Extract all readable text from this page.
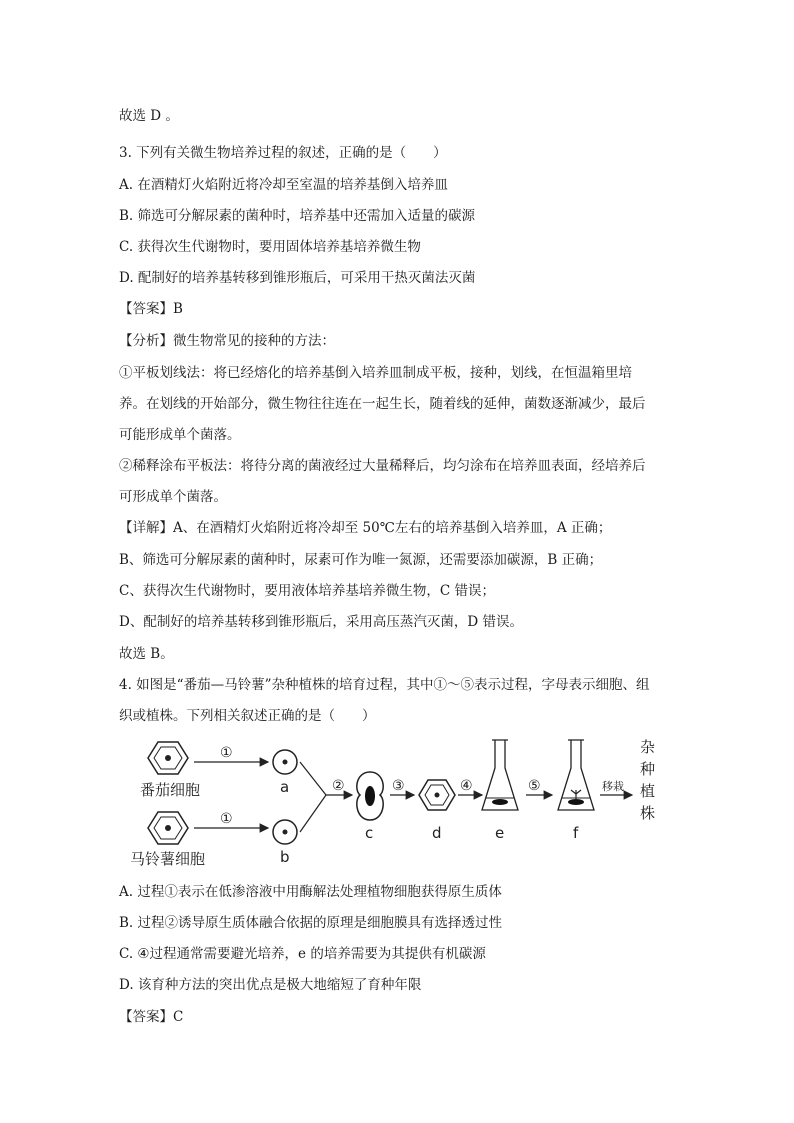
故选 D 。
3. 下列有关微生物培养过程的叙述，正确的是（　　）
A. 在酒精灯火焰附近将冷却至室温的培养基倒入培养皿
B. 筛选可分解尿素的菌种时，培养基中还需加入适量的碳源
C. 获得次生代谢物时，要用固体培养基培养微生物
D. 配制好的培养基转移到锥形瓶后，可采用干热灭菌法灭菌
【答案】B
【分析】微生物常见的接种的方法：
①平板划线法：将已经熔化的培养基倒入培养皿制成平板，接种，划线，在恒温箱里培
养。在划线的开始部分，微生物往往连在一起生长，随着线的延伸，菌数逐渐减少，最后
可能形成单个菌落。
②稀释涂布平板法：将待分离的菌液经过大量稀释后，均匀涂布在培养皿表面，经培养后
可形成单个菌落。
【详解】A、在酒精灯火焰附近将冷却至 50℃左右的培养基倒入培养皿，A 正确；
B、筛选可分解尿素的菌种时，尿素可作为唯一氮源，还需要添加碳源，B 正确；
C、获得次生代谢物时，要用液体培养基培养微生物，C 错误；
D、配制好的培养基转移到锥形瓶后，采用高压蒸汽灭菌，D 错误。
故选 B。
4. 如图是“番茄—马铃薯”杂种植株的培育过程，其中①～⑤表示过程，字母表示细胞、组
织或植株。下列相关叙述正确的是（　　）
番茄细胞
马铃薯细胞
①
①
a
b
②
c
③
d
④
e
⑤
f
移栽
杂
种
植
株
A. 过程①表示在低渗溶液中用酶解法处理植物细胞获得原生质体
B. 过程②诱导原生质体融合依据的原理是细胞膜具有选择透过性
C. ④过程通常需要避光培养，e 的培养需要为其提供有机碳源
D. 该育种方法的突出优点是极大地缩短了育种年限
【答案】C
